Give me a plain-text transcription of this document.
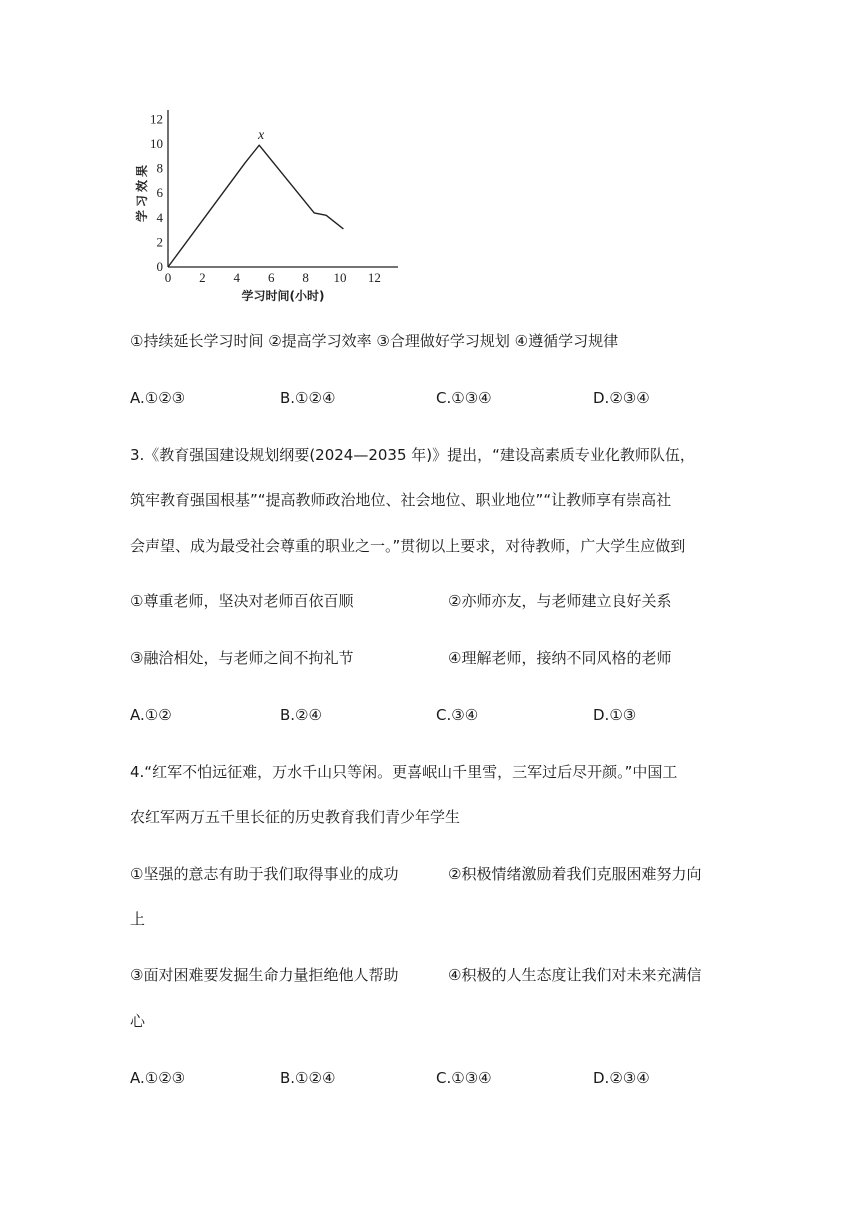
学习效果
学习时间(小时)
0 2 4 6 8 10 12
0
2
4
6
8
10
12
x
①持续延长学习时间 ②提高学习效率 ③合理做好学习规划 ④遵循学习规律
A.①②③	B.①②④	C.①③④	D.②③④
3.《教育强国建设规划纲要(2024—2035 年)》提出，“建设高素质专业化教师队伍，
筑牢教育强国根基”“提高教师政治地位、社会地位、职业地位”“让教师享有崇高社
会声望、成为最受社会尊重的职业之一。”贯彻以上要求，对待教师，广大学生应做到
①尊重老师，坚决对老师百依百顺	②亦师亦友，与老师建立良好关系
③融洽相处，与老师之间不拘礼节	④理解老师，接纳不同风格的老师
A.①②	B.②④	C.③④	D.①③
4.“红军不怕远征难，万水千山只等闲。更喜岷山千里雪，三军过后尽开颜。”中国工
农红军两万五千里长征的历史教育我们青少年学生
①坚强的意志有助于我们取得事业的成功	②积极情绪激励着我们克服困难努力向
上
③面对困难要发掘生命力量拒绝他人帮助	④积极的人生态度让我们对未来充满信
心
A.①②③	B.①②④	C.①③④	D.②③④
